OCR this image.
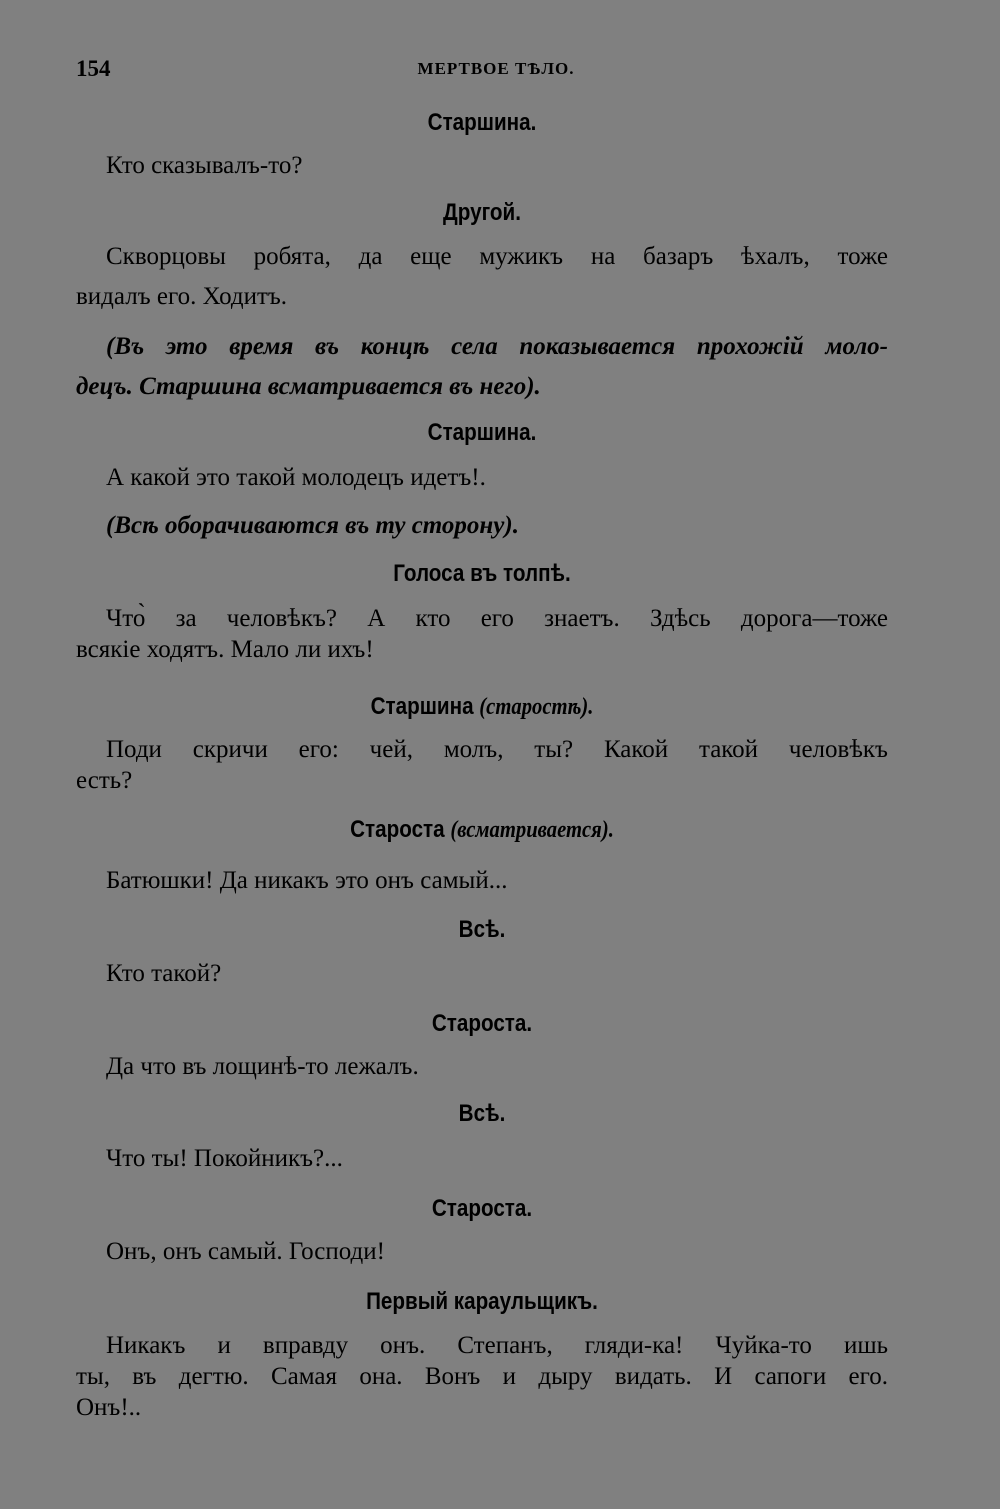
154	МЕРТВОЕ ТѢЛО.
Старшина.
Кто сказывалъ-то?
Другой.
Скворцовы робята, да еще мужикъ на базаръ ѣхалъ, тоже
видалъ его. Ходитъ.
(Въ это время въ концѣ села показывается прохожій моло-
децъ. Старшина всматривается въ него).
Старшина.
А какой это такой молодецъ идетъ!.
(Всѣ оборачиваются въ ту сторону).
Голоса въ толпѣ.
Что̀ за человѣкъ? А кто его знаетъ. Здѣсь дорога—тоже
всякіе ходятъ. Мало ли ихъ!
Старшина (старостѣ).
Поди скричи его: чей, молъ, ты? Какой такой человѣкъ
есть?
Староста (всматривается).
Батюшки! Да никакъ это онъ самый...
Всѣ.
Кто такой?
Староста.
Да что въ лощинѣ-то лежалъ.
Всѣ.
Что ты! Покойникъ?...
Староста.
Онъ, онъ самый. Господи!
Первый караульщикъ.
Никакъ и вправду онъ. Степанъ, гляди-ка! Чуйка-то ишь
ты, въ дегтю. Самая она. Вонъ и дыру видать. И сапоги его.
Онъ!..
